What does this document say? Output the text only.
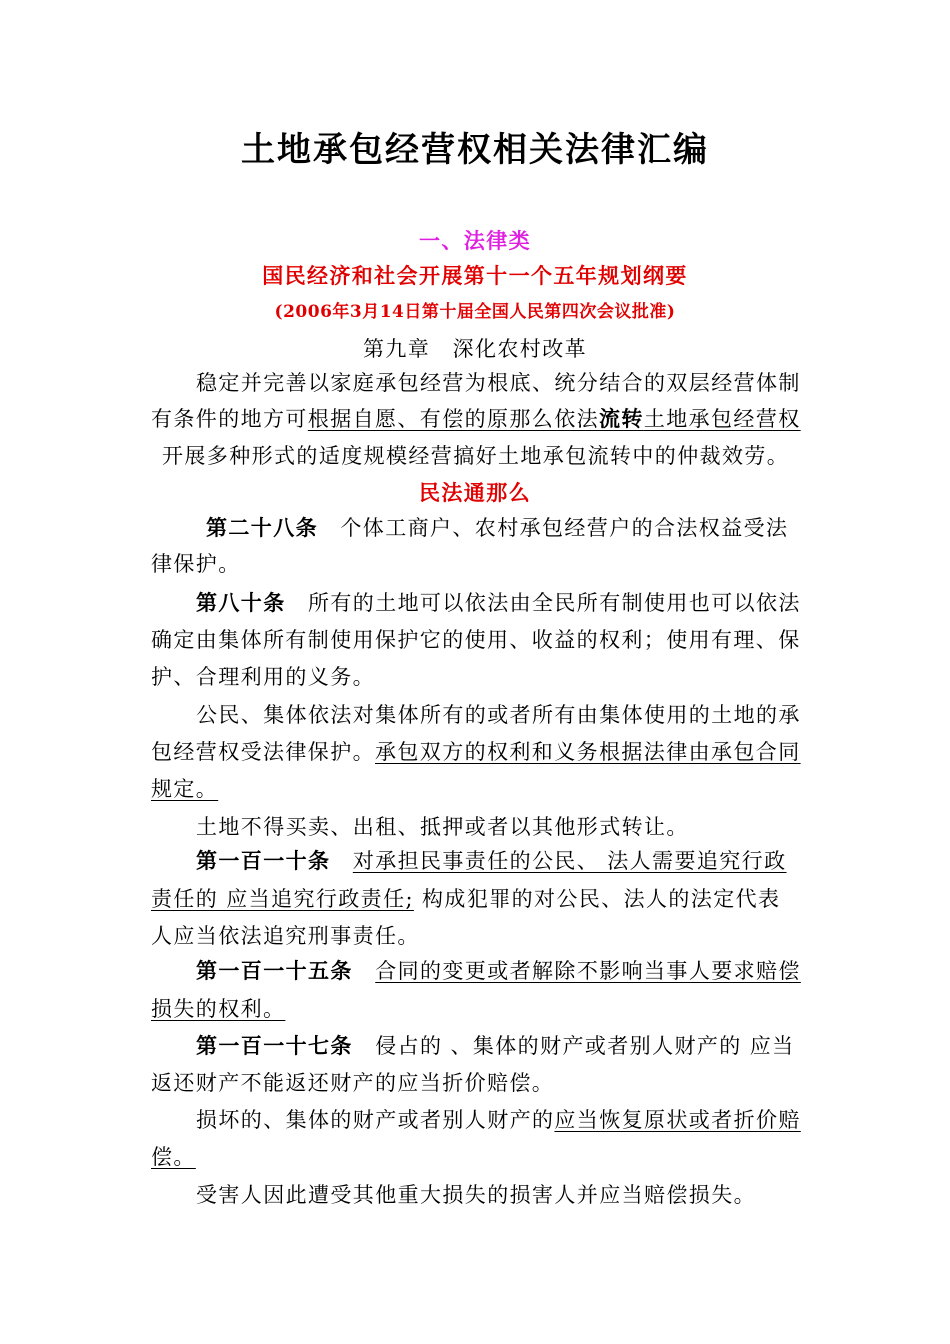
土地承包经营权相关法律汇编
一、法律类
国民经济和社会开展第十一个五年规划纲要
(2006年3月14日第十届全国人民第四次会议批准)
第九章　深化农村改革
稳定并完善以家庭承包经营为根底、统分结合的双层经营体制
有条件的地方可根据自愿、有偿的原那么依法流转土地承包经营权
开展多种形式的适度规模经营搞好土地承包流转中的仲裁效劳。
民法通那么
第二十八条　个体工商户、农村承包经营户的合法权益受法
律保护。
第八十条　所有的土地可以依法由全民所有制使用也可以依法
确定由集体所有制使用保护它的使用、收益的权利；使用有理、保
护、合理利用的义务。
公民、集体依法对集体所有的或者所有由集体使用的土地的承
包经营权受法律保护。承包双方的权利和义务根据法律由承包合同
规定。
土地不得买卖、出租、抵押或者以其他形式转让。
第一百一十条　 对承担民事责任的公民、 法人需要追究行政
责任的 应当追究行政责任; 构成犯罪的对公民、法人的法定代表
人应当依法追究刑事责任。
第一百一十五条　 合同的变更或者解除不影响当事人要求赔偿
损失的权利。
第一百一十七条　侵占的 、集体的财产或者别人财产的 应当
返还财产不能返还财产的应当折价赔偿。
损坏的、集体的财产或者别人财产的应当恢复原状或者折价赔
偿。
受害人因此遭受其他重大损失的损害人并应当赔偿损失。
